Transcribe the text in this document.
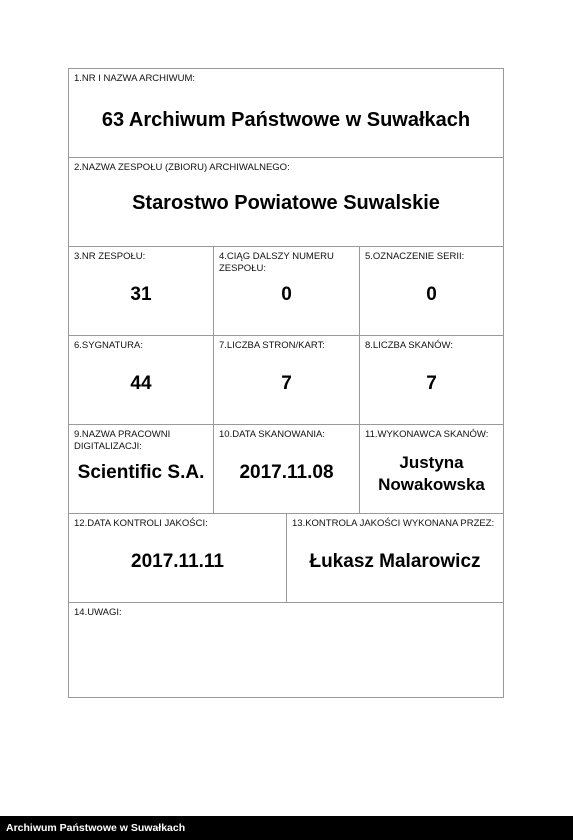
1.NR I NAZWA ARCHIWUM:
63 Archiwum Państwowe w Suwałkach
2.NAZWA ZESPOŁU (ZBIORU) ARCHIWALNEGO:
Starostwo Powiatowe Suwalskie
3.NR ZESPOŁU:
31
4.CIĄG DALSZY NUMERU ZESPOŁU:
0
5.OZNACZENIE SERII:
0
6.SYGNATURA:
44
7.LICZBA STRON/KART:
7
8.LICZBA SKANÓW:
7
9.NAZWA PRACOWNI DIGITALIZACJI:
Scientific S.A.
10.DATA SKANOWANIA:
2017.11.08
11.WYKONAWCA SKANÓW:
Justyna Nowakowska
12.DATA KONTROLI JAKOŚCI:
2017.11.11
13.KONTROLA JAKOŚCI WYKONANA PRZEZ:
Łukasz Malarowicz
14.UWAGI:
Archiwum Państwowe w Suwałkach
